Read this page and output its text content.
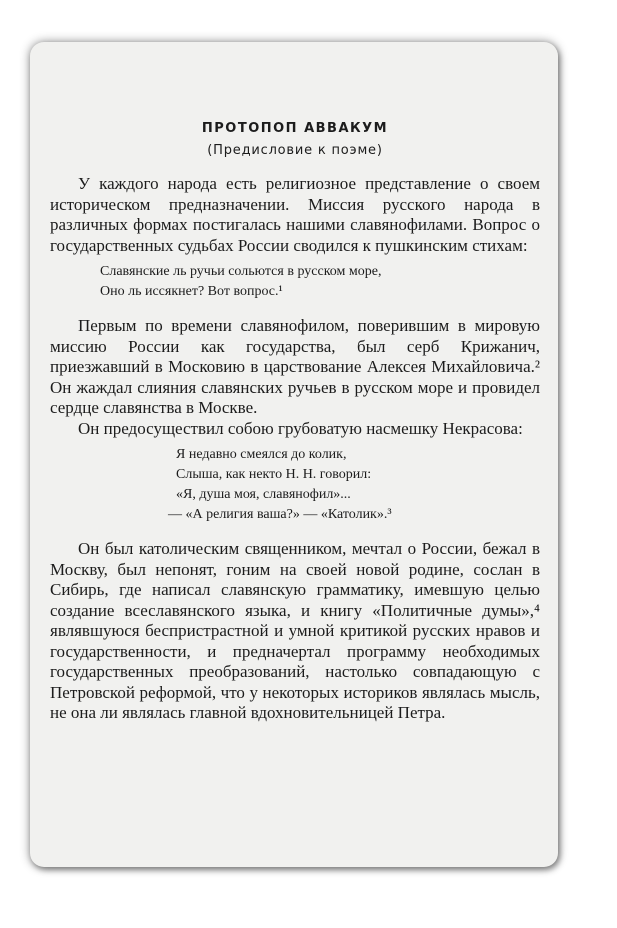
ПРОТОПОП АВВАКУМ
(Предисловие к поэме)

У каждого народа есть религиозное представление о своем историческом предназначении. Миссия русского народа в различных формах постигалась нашими славянофилами. Вопрос о государственных судьбах России сводился к пушкинским стихам:

Славянские ль ручьи сольются в русском море,
Оно ль иссякнет? Вот вопрос.¹

Первым по времени славянофилом, поверившим в мировую миссию России как государства, был серб Крижанич, приезжавший в Московию в царствование Алексея Михайловича.² Он жаждал слияния славянских ручьев в русском море и провидел сердце славянства в Москве.

Он предосуществил собою грубоватую насмешку Некрасова:

Я недавно смеялся до колик,
Слыша, как некто Н. Н. говорил:
«Я, душа моя, славянофил»...
— «А религия ваша?» — «Католик».³

Он был католическим священником, мечтал о России, бежал в Москву, был непонят, гоним на своей новой родине, сослан в Сибирь, где написал славянскую грамматику, имевшую целью создание всеславянского языка, и книгу «Политичные думы»,⁴ являвшуюся беспристрастной и умной критикой русских нравов и государственности, и предначертал программу необходимых государственных преобразований, настолько совпадающую с Петровской реформой, что у некоторых историков являлась мысль, не она ли являлась главной вдохновительницей Петра.
